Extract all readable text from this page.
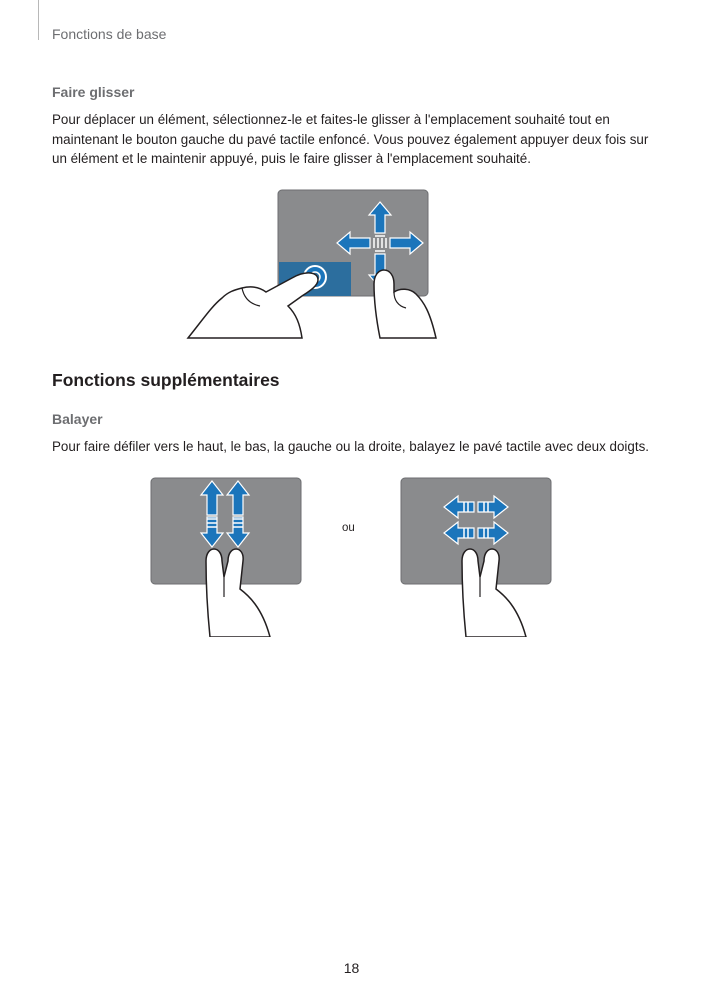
Fonctions de base
Faire glisser
Pour déplacer un élément, sélectionnez-le et faites-le glisser à l'emplacement souhaité tout en maintenant le bouton gauche du pavé tactile enfoncé. Vous pouvez également appuyer deux fois sur un élément et le maintenir appuyé, puis le faire glisser à l'emplacement souhaité.
Fonctions supplémentaires
Balayer
Pour faire défiler vers le haut, le bas, la gauche ou la droite, balayez le pavé tactile avec deux doigts.
ou
18
